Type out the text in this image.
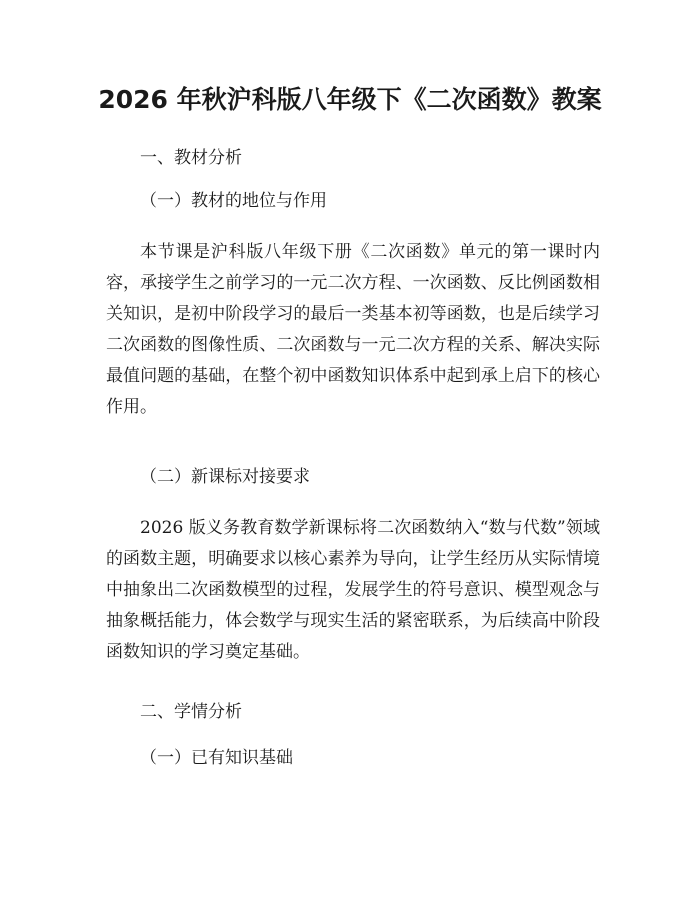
2026 年秋沪科版八年级下《二次函数》教案
一、教材分析
（一）教材的地位与作用

本节课是沪科版八年级下册《二次函数》单元的第一课时内容，承接学生之前学习的一元二次方程、一次函数、反比例函数相关知识，是初中阶段学习的最后一类基本初等函数，也是后续学习二次函数的图像性质、二次函数与一元二次方程的关系、解决实际最值问题的基础，在整个初中函数知识体系中起到承上启下的核心作用。

（二）新课标对接要求

2026 版义务教育数学新课标将二次函数纳入“数与代数”领域的函数主题，明确要求以核心素养为导向，让学生经历从实际情境中抽象出二次函数模型的过程，发展学生的符号意识、模型观念与抽象概括能力，体会数学与现实生活的紧密联系，为后续高中阶段函数知识的学习奠定基础。

二、学情分析
（一）已有知识基础
